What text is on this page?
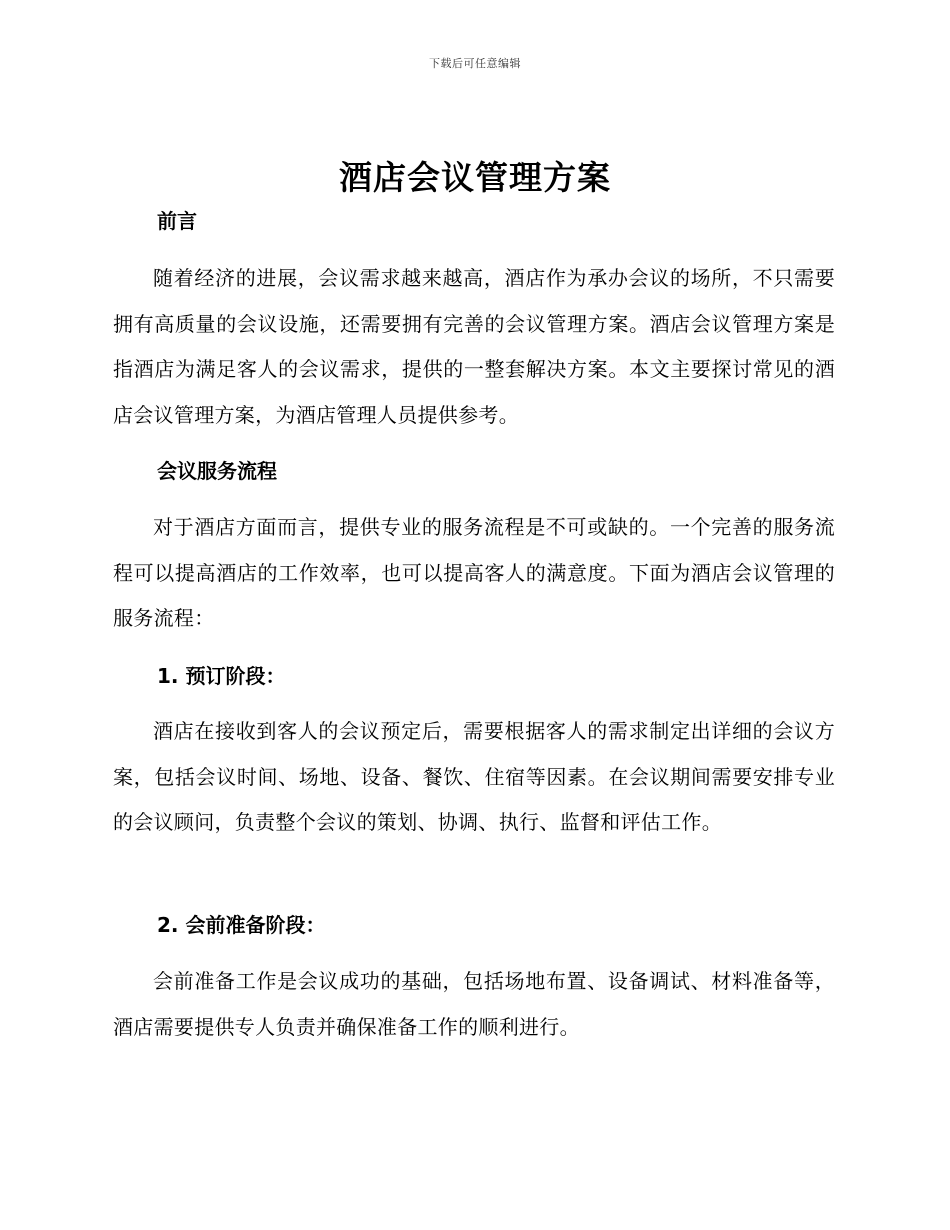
下载后可任意编辑
酒店会议管理方案
前言

随着经济的进展，会议需求越来越高，酒店作为承办会议的场所，不只需要拥有高质量的会议设施，还需要拥有完善的会议管理方案。酒店会议管理方案是指酒店为满足客人的会议需求，提供的一整套解决方案。本文主要探讨常见的酒店会议管理方案，为酒店管理人员提供参考。

会议服务流程

对于酒店方面而言，提供专业的服务流程是不可或缺的。一个完善的服务流程可以提高酒店的工作效率，也可以提高客人的满意度。下面为酒店会议管理的服务流程：

1. 预订阶段：

酒店在接收到客人的会议预定后，需要根据客人的需求制定出详细的会议方案，包括会议时间、场地、设备、餐饮、住宿等因素。在会议期间需要安排专业的会议顾问，负责整个会议的策划、协调、执行、监督和评估工作。

2. 会前准备阶段：

会前准备工作是会议成功的基础，包括场地布置、设备调试、材料准备等，酒店需要提供专人负责并确保准备工作的顺利进行。
